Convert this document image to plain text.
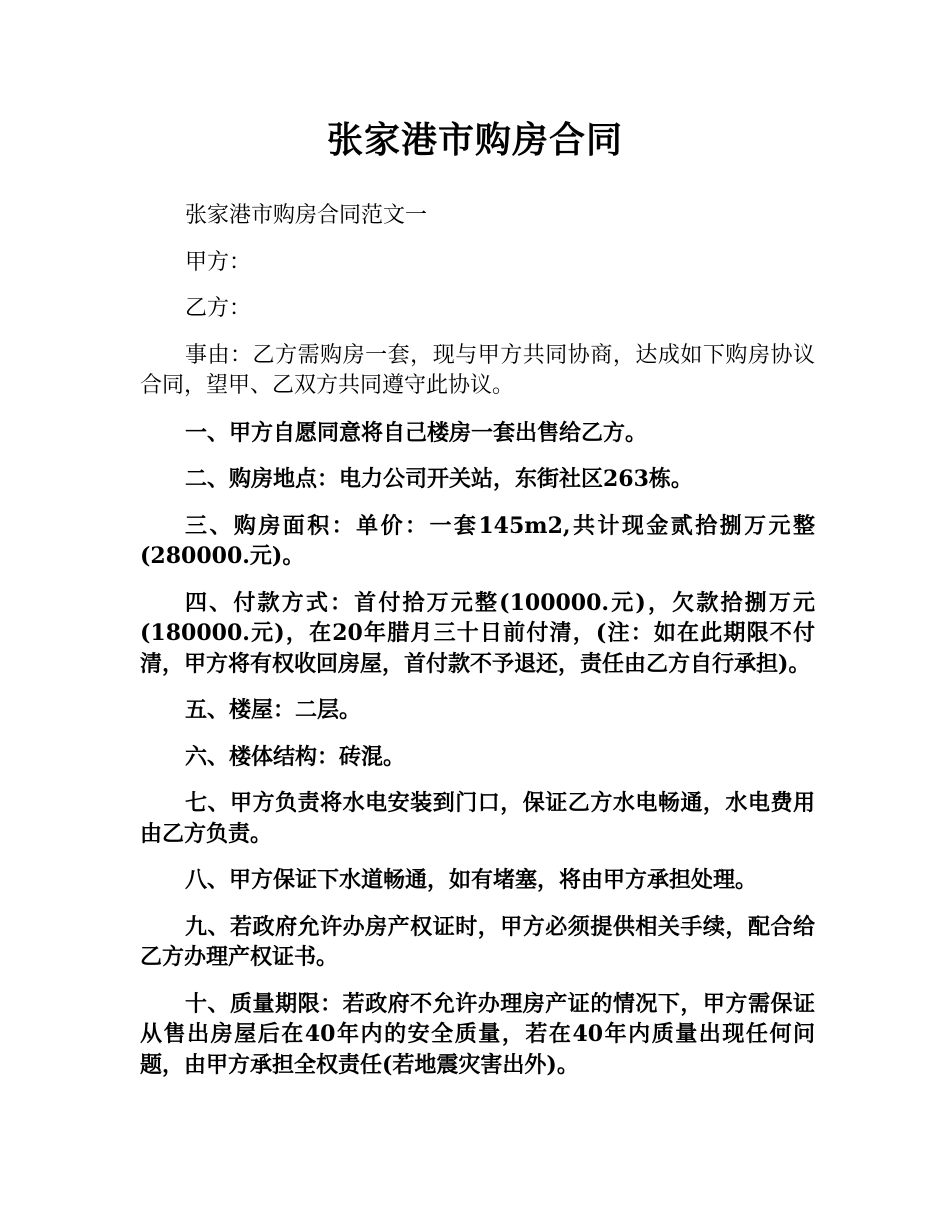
张家港市购房合同

张家港市购房合同范文一

甲方：

乙方：

事由：乙方需购房一套，现与甲方共同协商，达成如下购房协议合同，望甲、乙双方共同遵守此协议。

一、甲方自愿同意将自己楼房一套出售给乙方。

二、购房地点：电力公司开关站，东街社区263栋。

三、购房面积：单价：一套145m2,共计现金贰拾捌万元整(280000.元)。

四、付款方式：首付拾万元整(100000.元)，欠款拾捌万元(180000.元)，在20年腊月三十日前付清，(注：如在此期限不付清，甲方将有权收回房屋，首付款不予退还，责任由乙方自行承担)。

五、楼屋：二层。

六、楼体结构：砖混。

七、甲方负责将水电安装到门口，保证乙方水电畅通，水电费用由乙方负责。

八、甲方保证下水道畅通，如有堵塞，将由甲方承担处理。

九、若政府允许办房产权证时，甲方必须提供相关手续，配合给乙方办理产权证书。

十、质量期限：若政府不允许办理房产证的情况下，甲方需保证从售出房屋后在40年内的安全质量，若在40年内质量出现任何问题，由甲方承担全权责任(若地震灾害出外)。
